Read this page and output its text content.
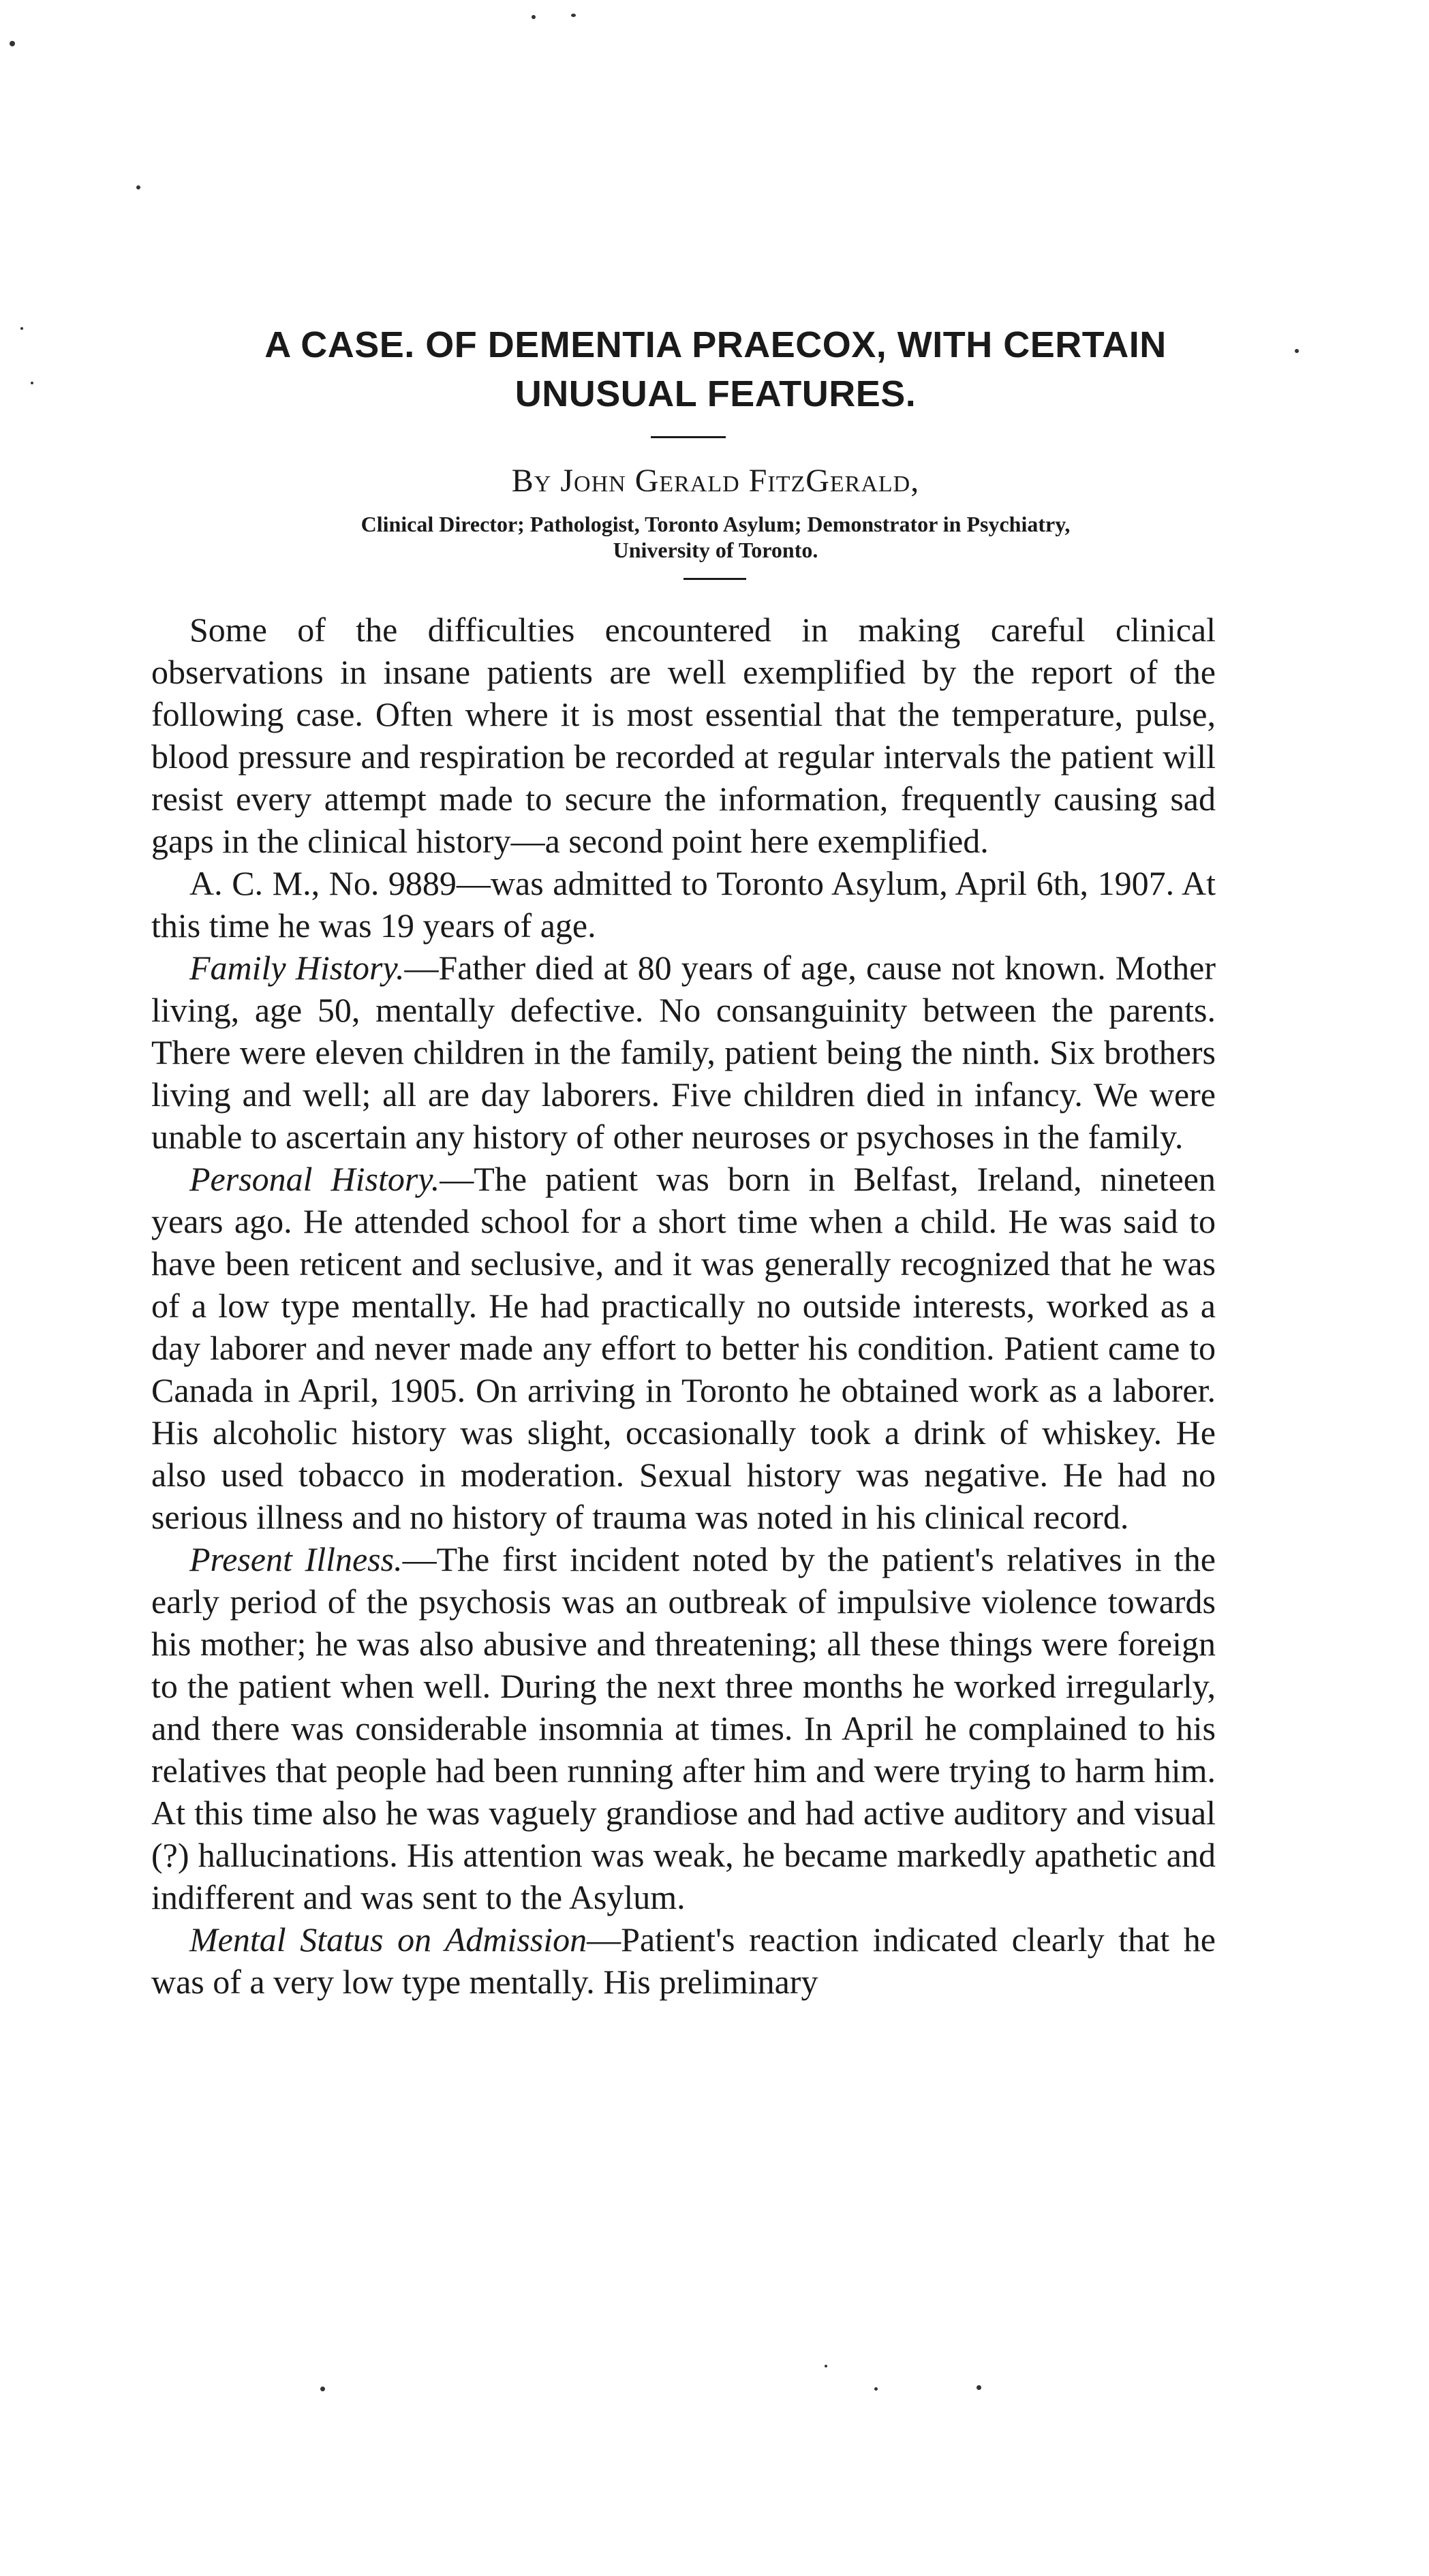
A CASE. OF DEMENTIA PRAECOX, WITH CERTAIN
UNUSUAL FEATURES.
By John Gerald FitzGerald,
Clinical Director; Pathologist, Toronto Asylum; Demonstrator in Psychiatry,
University of Toronto.

Some of the difficulties encountered in making careful clinical observations in insane patients are well exemplified by the report of the following case. Often where it is most essential that the temperature, pulse, blood pressure and respiration be recorded at regular intervals the patient will resist every attempt made to secure the information, frequently causing sad gaps in the clinical history—a second point here exemplified.

A. C. M., No. 9889—was admitted to Toronto Asylum, April 6th, 1907. At this time he was 19 years of age.

Family History.—Father died at 80 years of age, cause not known. Mother living, age 50, mentally defective. No consanguinity between the parents. There were eleven children in the family, patient being the ninth. Six brothers living and well; all are day laborers. Five children died in infancy. We were unable to ascertain any history of other neuroses or psychoses in the family.

Personal History.—The patient was born in Belfast, Ireland, nineteen years ago. He attended school for a short time when a child. He was said to have been reticent and seclusive, and it was generally recognized that he was of a low type mentally. He had practically no outside interests, worked as a day laborer and never made any effort to better his condition. Patient came to Canada in April, 1905. On arriving in Toronto he obtained work as a laborer. His alcoholic history was slight, occasionally took a drink of whiskey. He also used tobacco in moderation. Sexual history was negative. He had no serious illness and no history of trauma was noted in his clinical record.

Present Illness.—The first incident noted by the patient's relatives in the early period of the psychosis was an outbreak of impulsive violence towards his mother; he was also abusive and threatening; all these things were foreign to the patient when well. During the next three months he worked irregularly, and there was considerable insomnia at times. In April he complained to his relatives that people had been running after him and were trying to harm him. At this time also he was vaguely grandiose and had active auditory and visual (?) hallucinations. His attention was weak, he became markedly apathetic and indifferent and was sent to the Asylum.

Mental Status on Admission—Patient's reaction indicated clearly that he was of a very low type mentally. His preliminary
